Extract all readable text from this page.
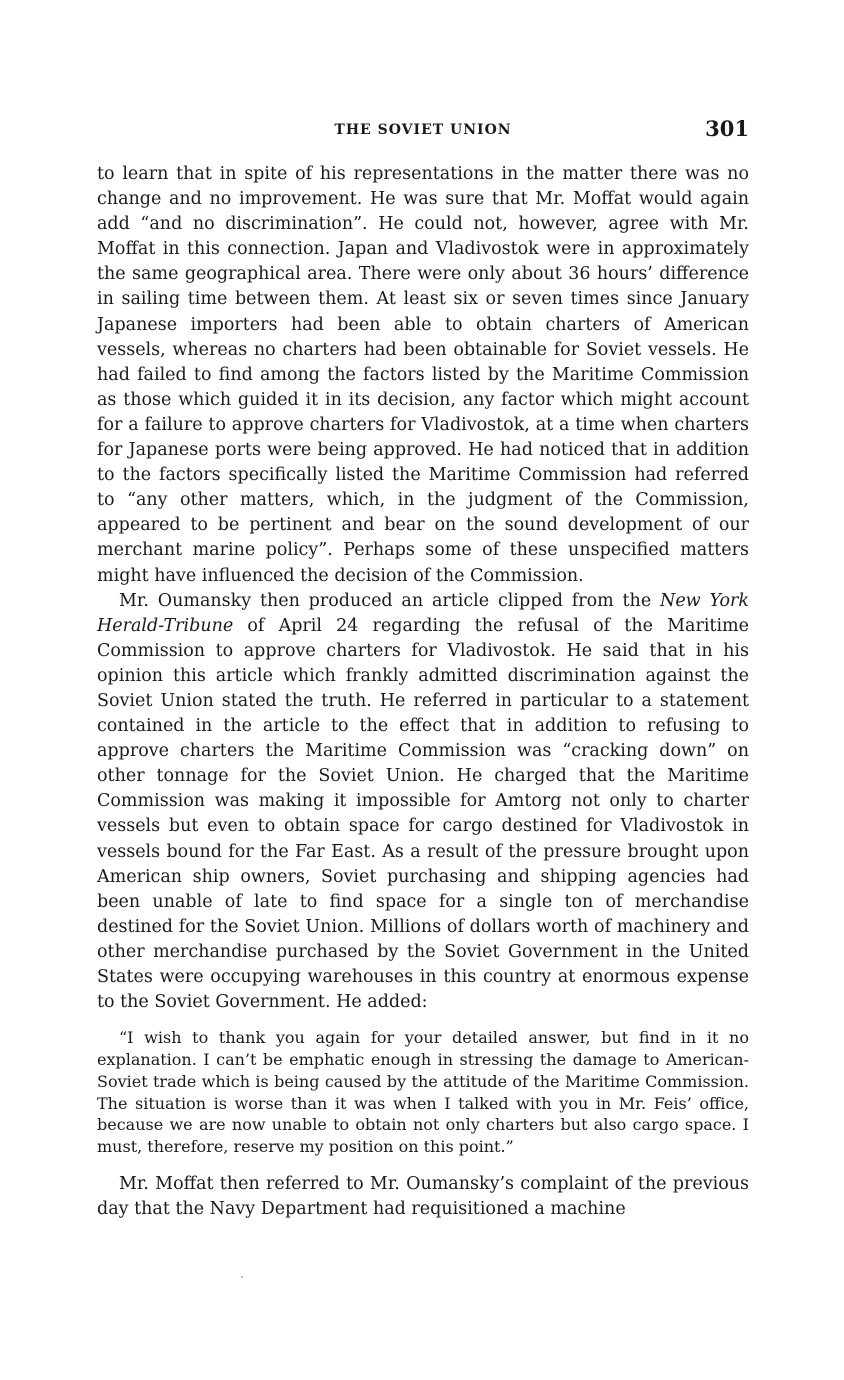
THE SOVIET UNION	301

to learn that in spite of his representations in the matter there was no change and no improvement. He was sure that Mr. Moffat would again add “and no discrimination”. He could not, however, agree with Mr. Moffat in this connection. Japan and Vladivostok were in approximately the same geographical area. There were only about 36 hours’ difference in sailing time between them. At least six or seven times since January Japanese importers had been able to obtain charters of American vessels, whereas no charters had been obtainable for Soviet vessels. He had failed to find among the factors listed by the Maritime Commission as those which guided it in its decision, any factor which might account for a failure to approve charters for Vladivostok, at a time when charters for Japanese ports were being approved. He had noticed that in addition to the factors specifically listed the Maritime Commission had referred to “any other matters, which, in the judgment of the Commission, appeared to be pertinent and bear on the sound development of our merchant marine policy”. Perhaps some of these unspecified matters might have influenced the decision of the Commission.

Mr. Oumansky then produced an article clipped from the New York Herald-Tribune of April 24 regarding the refusal of the Maritime Commission to approve charters for Vladivostok. He said that in his opinion this article which frankly admitted discrimination against the Soviet Union stated the truth. He referred in particular to a statement contained in the article to the effect that in addition to refusing to approve charters the Maritime Commission was “cracking down” on other tonnage for the Soviet Union. He charged that the Maritime Commission was making it impossible for Amtorg not only to charter vessels but even to obtain space for cargo destined for Vladivostok in vessels bound for the Far East. As a result of the pressure brought upon American ship owners, Soviet purchasing and shipping agencies had been unable of late to find space for a single ton of merchandise destined for the Soviet Union. Millions of dollars worth of machinery and other merchandise purchased by the Soviet Government in the United States were occupying warehouses in this country at enormous expense to the Soviet Government. He added:

“I wish to thank you again for your detailed answer, but find in it no explanation. I can’t be emphatic enough in stressing the damage to American-Soviet trade which is being caused by the attitude of the Maritime Commission. The situation is worse than it was when I talked with you in Mr. Feis’ office, because we are now unable to obtain not only charters but also cargo space. I must, therefore, reserve my position on this point.”

Mr. Moffat then referred to Mr. Oumansky’s complaint of the previous day that the Navy Department had requisitioned a machine
